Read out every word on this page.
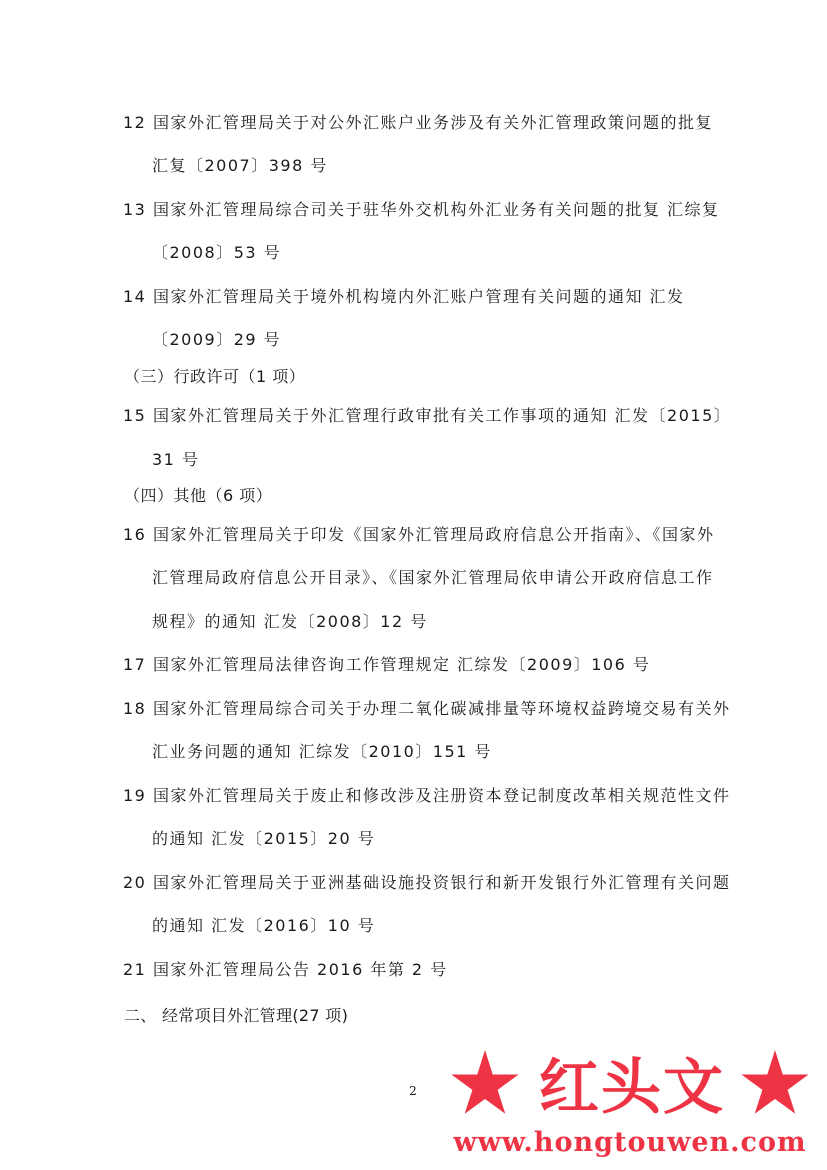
12 国家外汇管理局关于对公外汇账户业务涉及有关外汇管理政策问题的批复

汇复〔2007〕398 号

13 国家外汇管理局综合司关于驻华外交机构外汇业务有关问题的批复 汇综复

〔2008〕53 号

14 国家外汇管理局关于境外机构境内外汇账户管理有关问题的通知 汇发

〔2009〕29 号

（三）行政许可（1 项）

15 国家外汇管理局关于外汇管理行政审批有关工作事项的通知 汇发〔2015〕

31 号

（四）其他（6 项）

16 国家外汇管理局关于印发《国家外汇管理局政府信息公开指南》、《国家外

汇管理局政府信息公开目录》、《国家外汇管理局依申请公开政府信息工作

规程》的通知 汇发〔2008〕12 号

17 国家外汇管理局法律咨询工作管理规定 汇综发〔2009〕106 号

18 国家外汇管理局综合司关于办理二氧化碳减排量等环境权益跨境交易有关外

汇业务问题的通知 汇综发〔2010〕151 号

19 国家外汇管理局关于废止和修改涉及注册资本登记制度改革相关规范性文件

的通知 汇发〔2015〕20 号

20 国家外汇管理局关于亚洲基础设施投资银行和新开发银行外汇管理有关问题

的通知 汇发〔2016〕10 号

21 国家外汇管理局公告 2016 年第 2 号

二、 经常项目外汇管理(27 项)

2 红头文
www.hongtouwen.com
